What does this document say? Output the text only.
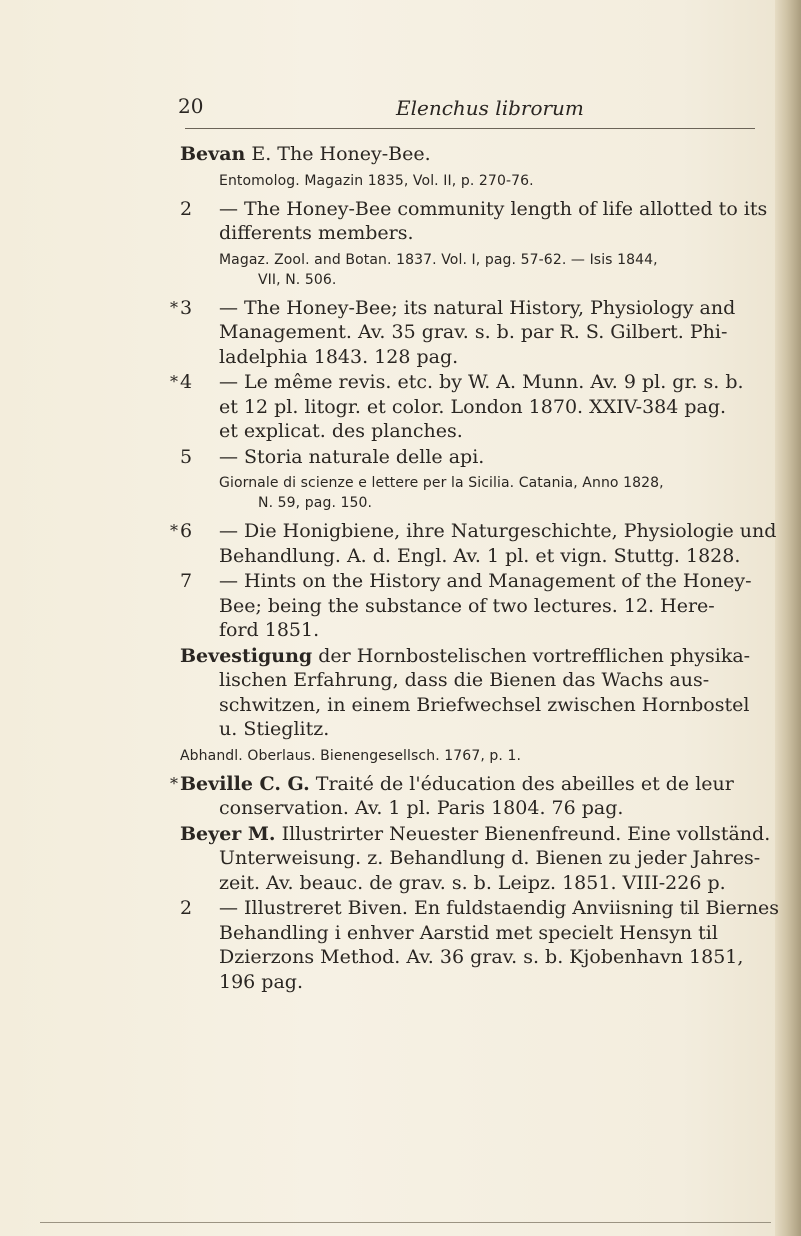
20	Elenchus librorum
Bevan E. The Honey-Bee.
Entomolog. Magazin 1835, Vol. II, p. 270-76.
2 — The Honey-Bee community length of life allotted to its
differents members.
Magaz. Zool. and Botan. 1837. Vol. I, pag. 57-62. — Isis 1844,
VII, N. 506.
* 3 — The Honey-Bee; its natural History, Physiology and
Management. Av. 35 grav. s. b. par R. S. Gilbert. Phi-
ladelphia 1843. 128 pag.
* 4 — Le même revis. etc. by W. A. Munn. Av. 9 pl. gr. s. b.
et 12 pl. litogr. et color. London 1870. XXIV-384 pag.
et explicat. des planches.
5 — Storia naturale delle api.
Giornale di scienze e lettere per la Sicilia. Catania, Anno 1828,
N. 59, pag. 150.
* 6 — Die Honigbiene, ihre Naturgeschichte, Physiologie und
Behandlung. A. d. Engl. Av. 1 pl. et vign. Stuttg. 1828.
7 — Hints on the History and Management of the Honey-
Bee; being the substance of two lectures. 12. Here-
ford 1851.
Bevestigung der Hornbostelischen vortrefflichen physika-
lischen Erfahrung, dass die Bienen das Wachs aus-
schwitzen, in einem Briefwechsel zwischen Hornbostel
u. Stieglitz.
Abhandl. Oberlaus. Bienengesellsch. 1767, p. 1.
* Beville C. G. Traité de l'éducation des abeilles et de leur
conservation. Av. 1 pl. Paris 1804. 76 pag.
Beyer M. Illustrirter Neuester Bienenfreund. Eine vollständ.
Unterweisung. z. Behandlung d. Bienen zu jeder Jahres-
zeit. Av. beauc. de grav. s. b. Leipz. 1851. VIII-226 p.
2 — Illustreret Biven. En fuldstaendig Anviisning til Biernes
Behandling i enhver Aarstid met specielt Hensyn til
Dzierzons Method. Av. 36 grav. s. b. Kjobenhavn 1851,
196 pag.
